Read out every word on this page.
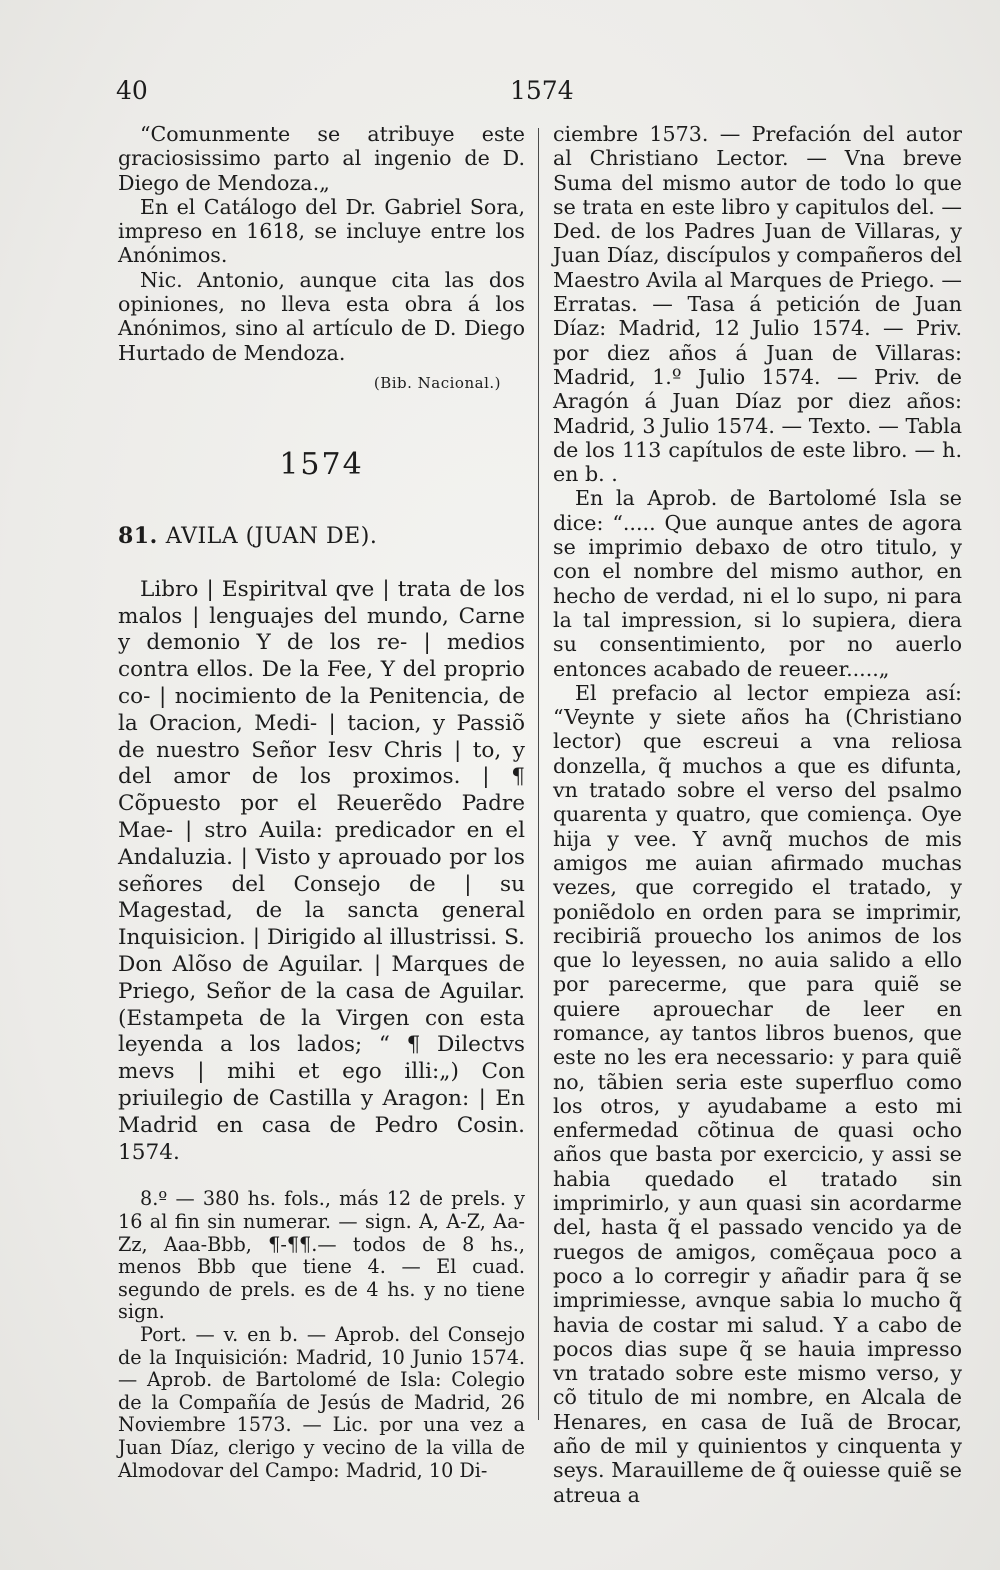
40	1574

“Comunmente se atribuye este graciosissimo parto al ingenio de D. Diego de Mendoza.„

En el Catálogo del Dr. Gabriel Sora, impreso en 1618, se incluye entre los Anónimos.

Nic. Antonio, aunque cita las dos opiniones, no lleva esta obra á los Anónimos, sino al artículo de D. Diego Hurtado de Mendoza.

(Bib. Nacional.)

1574
81. AVILA (JUAN DE).

Libro | Espiritval qve | trata de los malos | lenguajes del mundo, Carne y demonio Y de los re- | medios contra ellos. De la Fee, Y del proprio co- | nocimiento de la Penitencia, de la Oracion, Medi- | tacion, y Passiõ de nuestro Señor Iesv Chris | to, y del amor de los proximos. | ¶ Cõpuesto por el Reuerẽdo Padre Mae- | stro Auila: predicador en el Andaluzia. | Visto y aprouado por los señores del Consejo de | su Magestad, de la sancta general Inquisicion. | Dirigido al illustrissi. S. Don Alõso de Aguilar. | Marques de Priego, Señor de la casa de Aguilar. (Estampeta de la Virgen con esta leyenda a los lados; “ ¶ Dilectvs mevs | mihi et ego illi:„) Con priuilegio de Castilla y Aragon: | En Madrid en casa de Pedro Cosin. 1574.

8.º — 380 hs. fols., más 12 de prels. y 16 al fin sin numerar. — sign. A, A-Z, Aa-Zz, Aaa-Bbb, ¶-¶¶.— todos de 8 hs., menos Bbb que tiene 4. — El cuad. segundo de prels. es de 4 hs. y no tiene sign.

Port. — v. en b. — Aprob. del Consejo de la Inquisición: Madrid, 10 Junio 1574. — Aprob. de Bartolomé de Isla: Colegio de la Compañía de Jesús de Madrid, 26 Noviembre 1573. — Lic. por una vez a Juan Díaz, clerigo y vecino de la villa de Almodovar del Campo: Madrid, 10 Di-

ciembre 1573. — Prefación del autor al Christiano Lector. — Vna breve Suma del mismo autor de todo lo que se trata en este libro y capitulos del. — Ded. de los Padres Juan de Villaras, y Juan Díaz, discípulos y compañeros del Maestro Avila al Marques de Priego. — Erratas. — Tasa á petición de Juan Díaz: Madrid, 12 Julio 1574. — Priv. por diez años á Juan de Villaras: Madrid, 1.º Julio 1574. — Priv. de Aragón á Juan Díaz por diez años: Madrid, 3 Julio 1574. — Texto. — Tabla de los 113 capítulos de este libro. — h. en b. .

En la Aprob. de Bartolomé Isla se dice: “..... Que aunque antes de agora se imprimio debaxo de otro titulo, y con el nombre del mismo author, en hecho de verdad, ni el lo supo, ni para la tal impression, si lo supiera, diera su consentimiento, por no auerlo entonces acabado de reueer.....„

El prefacio al lector empieza así: “Veynte y siete años ha (Christiano lector) que escreui a vna reliosa donzella, q̃ muchos a que es difunta, vn tratado sobre el verso del psalmo quarenta y quatro, que comiença. Oye hija y vee. Y avnq̃ muchos de mis amigos me auian afirmado muchas vezes, que corregido el tratado, y poniẽdolo en orden para se imprimir, recibiriã prouecho los animos de los que lo leyessen, no auia salido a ello por parecerme, que para quiẽ se quiere aprouechar de leer en romance, ay tantos libros buenos, que este no les era necessario: y para quiẽ no, tãbien seria este superfluo como los otros, y ayudabame a esto mi enfermedad cõtinua de quasi ocho años que basta por exercicio, y assi se habia quedado el tratado sin imprimirlo, y aun quasi sin acordarme del, hasta q̃ el passado vencido ya de ruegos de amigos, comẽçaua poco a poco a lo corregir y añadir para q̃ se imprimiesse, avnque sabia lo mucho q̃ havia de costar mi salud. Y a cabo de pocos dias supe q̃ se hauia impresso vn tratado sobre este mismo verso, y cõ titulo de mi nombre, en Alcala de Henares, en casa de Iuã de Brocar, año de mil y quinientos y cinquenta y seys. Marauilleme de q̃ ouiesse quiẽ se atreua a
